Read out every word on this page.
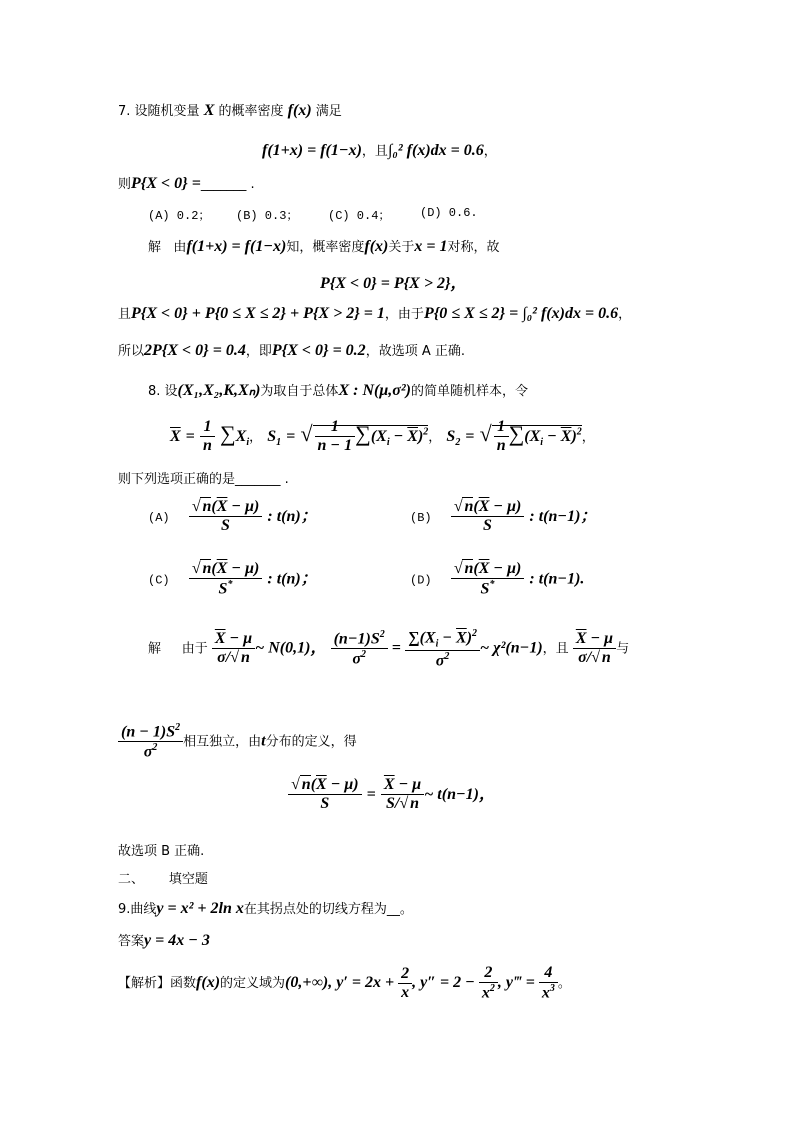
7. 设随机变量 X 的概率密度 f(x) 满足
f(1+x) = f(1−x)，且∫₀² f(x)dx = 0.6，
则P{X < 0} =_______ .
(A) 0.2； (B) 0.3； (C) 0.4； (D) 0.6.
解 由f(1+x) = f(1−x)知，概率密度f(x)关于x = 1对称，故
P{X < 0} = P{X > 2}，
且P{X < 0} + P{0 ≤ X ≤ 2} + P{X > 2} = 1，由于P{0 ≤ X ≤ 2} = ∫₀² f(x)dx = 0.6，
所以2P{X < 0} = 0.4，即P{X < 0} = 0.2，故选项 A 正确.
8. 设(X₁,X₂,K,Xₙ)为取自于总体X : N(μ,σ²)的简单随机样本，令
$\overline{X} = \frac{1}{n} \sum X_i$， $S_1$ = √ $\frac{1}{n - 1} \sum(X_i - \overline{X})^2$， $S_2$ = √ $\frac{1}{n} \sum(X_i - \overline{X})^2$，
则下列选项正确的是_______ .
$(A) \frac{√ n(\overline{X} - \mu)}{S}$ : t(n)；	$(B) \frac{√ n(\overline{X} - \mu)}{S}$ : t(n−1)；
$(C) \frac{√ n(\overline{X} - \mu)}{S^*}$ : t(n)；	$(D) \frac{√ n(\overline{X} - \mu)}{S^*}$ : t(n−1).
解 由于 $\frac{\overline{X} - \mu}{\sigma/√ n}$ ~ N(0,1)， $\frac{(n-1)S^2}{\sigma^2} = \frac{\sum(X_i - \overline{X})^2}{\sigma^2}$ ~ χ²(n−1)，且 $\frac{\overline{X} - \mu}{\sigma/√ n}$ 与
$\frac{(n - 1)S^2}{\sigma^2}$ 相互独立，由t分布的定义，得
$\frac{√ n(\overline{X} - \mu)}{S} = \frac{\overline{X} - \mu}{S/√ n}$ ~ t(n−1)，
故选项 B 正确.
二、 填空题
9.曲线y = x² + 2ln x在其拐点处的切线方程为__。
答案y = 4x − 3
【解析】函数f(x)的定义域为(0,+∞), $y' = 2x + \frac{2}{x}$ , $y'' = 2 - \frac{2}{x^2}$ , y‴ = $\frac{4}{x^3}$ 。
